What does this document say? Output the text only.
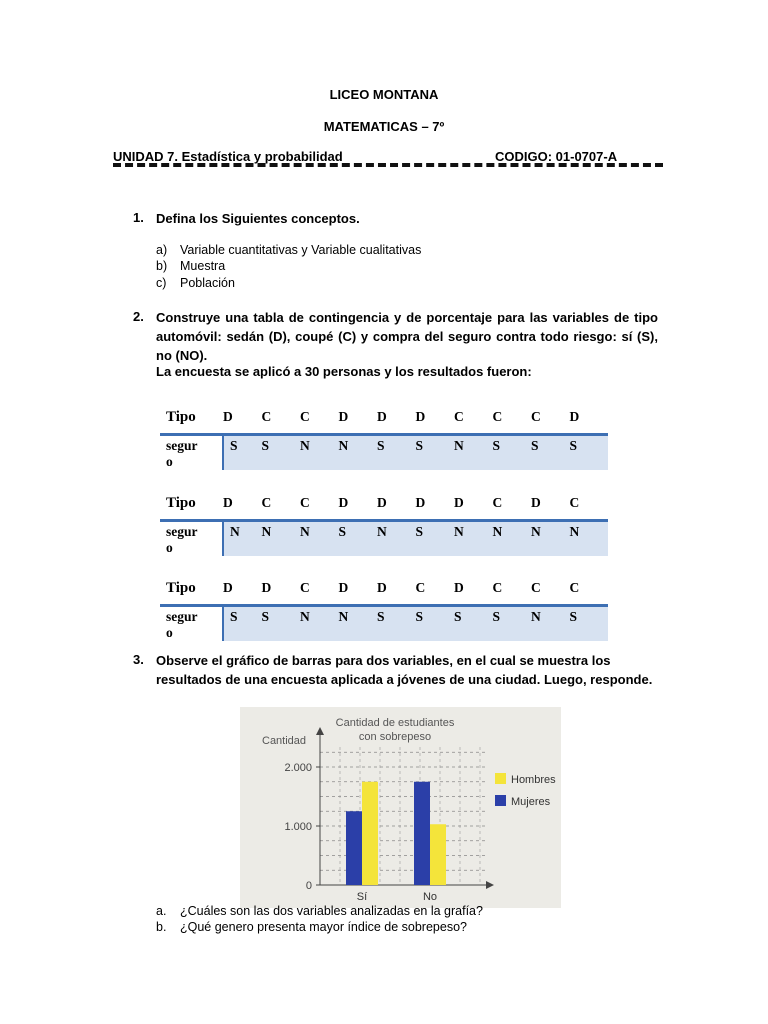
LICEO MONTANA
MATEMATICAS – 7º
UNIDAD 7. Estadística y probabilidad	CODIGO: 01-0707-A
1. Defina los Siguientes conceptos.
a) Variable cuantitativas y Variable cualitativas
b) Muestra
c) Población
2. Construye una tabla de contingencia y de porcentaje para las variables de tipo automóvil: sedán (D), coupé (C) y compra del seguro contra todo riesgo: sí (S), no (NO).
La encuesta se aplicó a 30 personas y los resultados fueron:
Tipo	D	C	C	D	D	D	C	C	C	D
segur
o	S	S	N	N	S	S	N	S	S	S
Tipo	D	C	C	D	D	D	D	C	D	C
segur
o	N	N	N	S	N	S	N	N	N	N
Tipo	D	D	C	D	D	C	D	C	C	C
segur
o	S	S	N	N	S	S	S	S	N	S
3. Observe el gráfico de barras para dos variables, en el cual se muestra los resultados de una encuesta aplicada a jóvenes de una ciudad. Luego, responde.
Cantidad de estudiantes
con sobrepeso
Cantidad
0
1.000
2.000
Sí	No
Hombres
Mujeres
a. ¿Cuáles son las dos variables analizadas en la grafía?
b. ¿Qué genero presenta mayor índice de sobrepeso?
